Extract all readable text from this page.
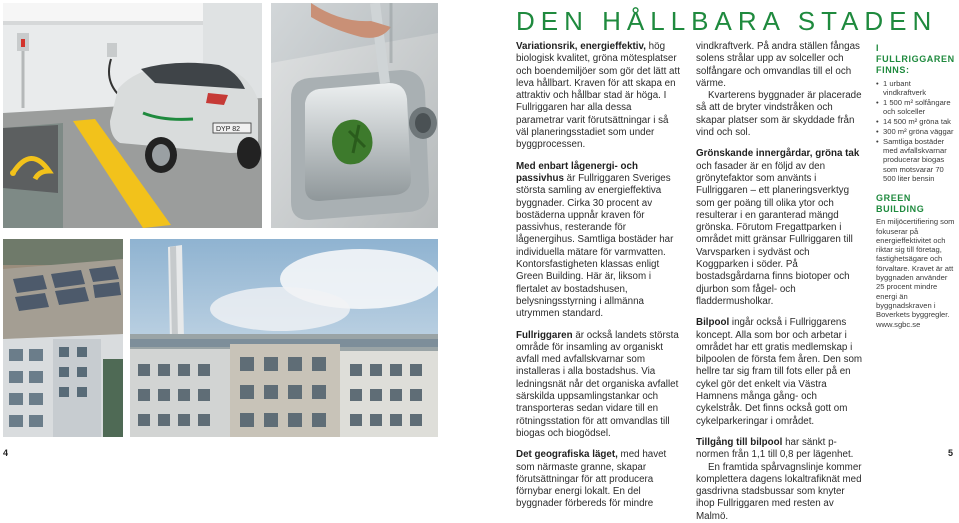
DYP 82
DEN HÅLLBARA STADEN

Variationsrik, energieffektiv, hög biologisk kvalitet, gröna mötesplatser och boendemiljöer som gör det lätt att leva hållbart. Kraven för att skapa en attraktiv och hållbar stad är höga. I Fullriggaren har alla dessa parametrar varit förutsättningar i så väl planeringsstadiet som under byggprocessen.

Med enbart lågenergi- och passivhus är Fullriggaren Sveriges största samling av energieffektiva byggnader. Cirka 30 procent av bostäderna uppnår kraven för passivhus, resterande för lågenergihus. Samtliga bostäder har individuella mätare för varmvatten. Kontorsfastigheten klassas enligt Green Building. Här är, liksom i flertalet av bostadshusen, belysningsstyrning i allmänna utrymmen standard.

Fullriggaren är också landets största område för insamling av organiskt avfall med avfallskvarnar som installeras i alla bostadshus. Via ledningsnät når det organiska avfallet särskilda uppsamlingstankar och transporteras sedan vidare till en rötningsstation för att omvandlas till biogas och biogödsel.

Det geografiska läget, med havet som närmaste granne, skapar förutsättningar för att producera förnybar energi lokalt. En del byggnader förbereds för mindre

vindkraftverk. På andra ställen fångas solens strålar upp av solceller och solfångare och omvandlas till el och värme.

Kvarterens byggnader är placerade så att de bryter vindstråken och skapar platser som är skyddade från vind och sol.

Grönskande innergårdar, gröna tak och fasader är en följd av den grönytefaktor som använts i Fullriggaren – ett planeringsverktyg som ger poäng till olika ytor och resulterar i en garanterad mängd grönska. Förutom Fregattparken i området mitt gränsar Fullriggaren till Varvsparken i sydväst och Koggparken i söder. På bostadsgårdarna finns biotoper och djurbon som fågel- och fladdermusholkar.

Bilpool ingår också i Fullriggarens koncept. Alla som bor och arbetar i området har ett gratis medlemskap i bilpoolen de första fem åren. Den som hellre tar sig fram till fots eller på en cykel gör det enkelt via Västra Hamnens många gång- och cykelstråk. Det finns också gott om cykelparkeringar i området.

Tillgång till bilpool har sänkt p-normen från 1,1 till 0,8 per lägenhet.

En framtida spårvagnslinje kommer komplettera dagens lokaltrafiknät med gasdrivna stadsbussar som knyter ihop Fullriggaren med resten av Malmö.

I FULLRIGGAREN FINNS:
• 1 urbant vindkraftverk
• 1 500 m² solfångare och solceller
• 14 500 m² gröna tak
• 300 m² gröna väggar
• Samtliga bostäder med avfallskvarnar producerar biogas som motsvarar 70 500 liter bensin
GREEN BUILDING
En miljöcertifiering som fokuserar på energieffektivitet och riktar sig till företag, fastighetsägare och förvaltare. Kravet är att byggnaden använder 25 procent mindre energi än byggnadskraven i Boverkets byggregler. www.sgbc.se
4	5
